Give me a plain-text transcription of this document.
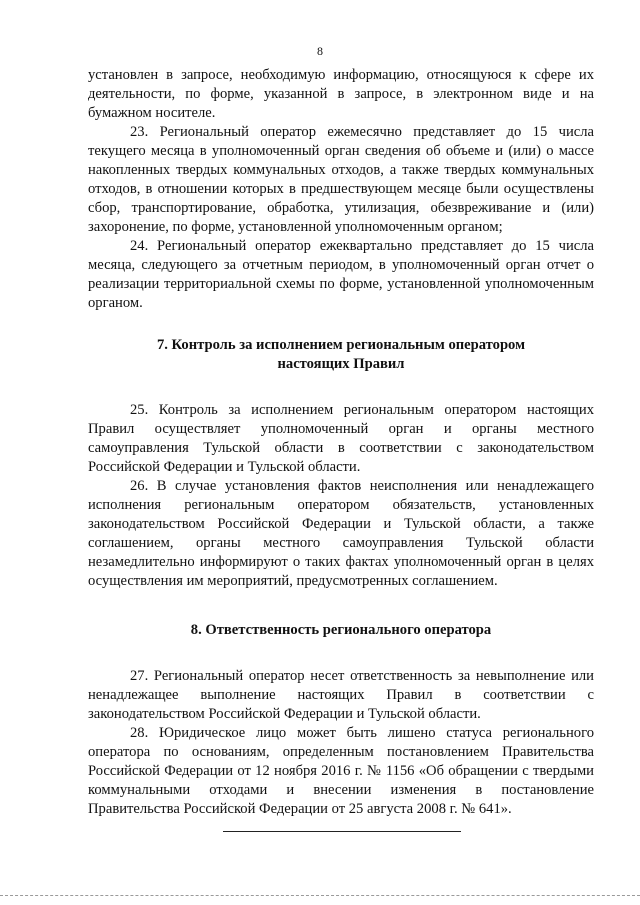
8

установлен в запросе, необходимую информацию, относящуюся к сфере их деятельности, по форме, указанной в запросе, в электронном виде и на бумажном носителе.

23. Региональный оператор ежемесячно представляет до 15 числа текущего месяца в уполномоченный орган сведения об объеме и (или) о массе накопленных твердых коммунальных отходов, а также твердых коммунальных отходов, в отношении которых в предшествующем месяце были осуществлены сбор, транспортирование, обработка, утилизация, обезвреживание и (или) захоронение, по форме, установленной уполномоченным органом;

24. Региональный оператор ежеквартально представляет до 15 числа месяца, следующего за отчетным периодом, в уполномоченный орган отчет о реализации территориальной схемы по форме, установленной уполномоченным органом.

7. Контроль за исполнением региональным оператором
настоящих Правил

25. Контроль за исполнением региональным оператором настоящих Правил осуществляет уполномоченный орган и органы местного самоуправления Тульской области в соответствии с законодательством Российской Федерации и Тульской области.

26. В случае установления фактов неисполнения или ненадлежащего исполнения региональным оператором обязательств, установленных законодательством Российской Федерации и Тульской области, а также соглашением, органы местного самоуправления Тульской области незамедлительно информируют о таких фактах уполномоченный орган в целях осуществления им мероприятий, предусмотренных соглашением.

8. Ответственность регионального оператора

27. Региональный оператор несет ответственность за невыполнение или ненадлежащее выполнение настоящих Правил в соответствии с законодательством Российской Федерации и Тульской области.

28. Юридическое лицо может быть лишено статуса регионального оператора по основаниям, определенным постановлением Правительства Российской Федерации от 12 ноября 2016 г. № 1156 «Об обращении с твердыми коммунальными отходами и внесении изменения в постановление Правительства Российской Федерации от 25 августа 2008 г. № 641».
